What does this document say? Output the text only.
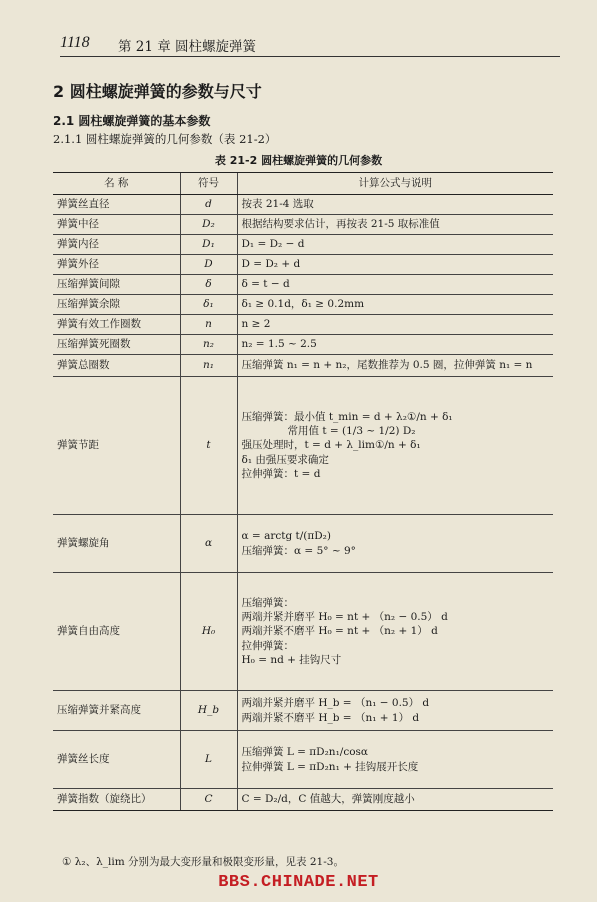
1118 第 21 章 圆柱螺旋弹簧
2 圆柱螺旋弹簧的参数与尺寸
2.1 圆柱螺旋弹簧的基本参数
2.1.1 圆柱螺旋弹簧的几何参数（表 21-2）
表 21-2 圆柱螺旋弹簧的几何参数
名 称	符号	计算公式与说明
弹簧丝直径	d	按表 21-4 选取

弹簧中径	D₂	根据结构要求估计，再按表 21-5 取标准值

弹簧内径	D₁	D₁ = D₂ − d

弹簧外径	D	D = D₂ + d

压缩弹簧间隙	δ	δ = t − d

压缩弹簧余隙	δ₁	δ₁ ≥ 0.1d，δ₁ ≥ 0.2mm

弹簧有效工作圈数	n	n ≥ 2

压缩弹簧死圈数	n₂	n₂ = 1.5 ~ 2.5

弹簧总圈数	n₁	压缩弹簧 n₁ = n + n₂，尾数推荐为 0.5 圈，拉伸弹簧 n₁ = n

弹簧节距	t	压缩弹簧：最小值 t_min = d + λ₂①/n + δ₁
常用值 t = (1/3 ~ 1/2) D₂
强压处理时，t = d + λ_lim①/n + δ₁
δ₁ 由强压要求确定
拉伸弹簧：t = d

弹簧螺旋角	α	α = arctg t/(πD₂)
压缩弹簧：α = 5° ~ 9°

弹簧自由高度	H₀	压缩弹簧：
两端并紧并磨平 H₀ = nt + （n₂ − 0.5） d
两端并紧不磨平 H₀ = nt + （n₂ + 1） d
拉伸弹簧：
H₀ = nd + 挂钩尺寸

压缩弹簧并紧高度	H_b	两端并紧并磨平 H_b = （n₁ − 0.5） d
两端并紧不磨平 H_b = （n₁ + 1） d

弹簧丝长度	L	压缩弹簧 L = πD₂n₁/cosα
拉伸弹簧 L = πD₂n₁ + 挂钩展开长度

弹簧指数（旋绕比）	C	C = D₂/d，C 值越大，弹簧刚度越小
① λ₂、λ_lim 分别为最大变形量和极限变形量，见表 21-3。
BBS.CHINADE.NET
